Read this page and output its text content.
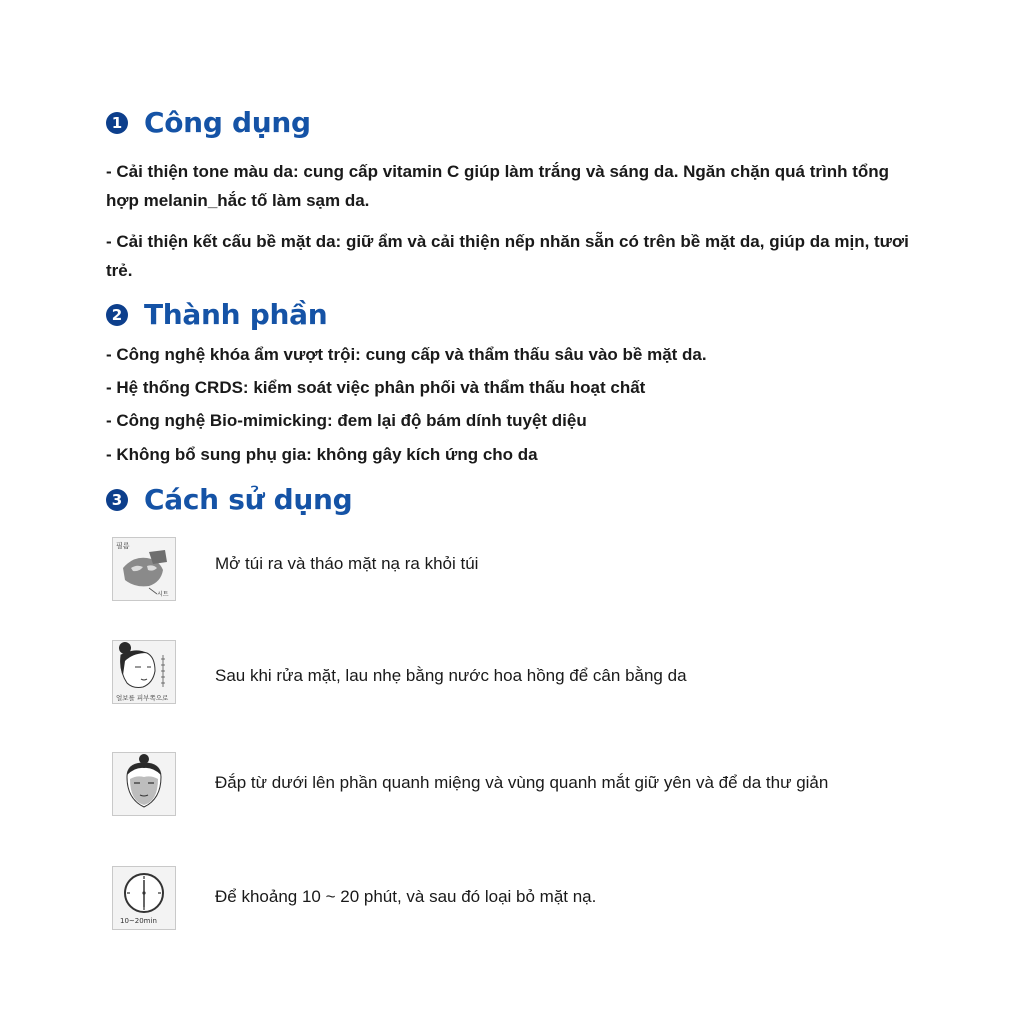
1 Công dụng
- Cải thiện tone màu da: cung cấp vitamin C giúp làm trắng và sáng da. Ngăn chặn quá trình tổng hợp melanin_hắc tố làm sạm da.
- Cải thiện kết cấu bề mặt da: giữ ẩm và cải thiện nếp nhăn sẵn có trên bề mặt da, giúp da mịn, tươi trẻ.
2 Thành phần
- Công nghệ khóa ẩm vượt trội: cung cấp và thẩm thấu sâu vào bề mặt da.
- Hệ thống CRDS: kiểm soát việc phân phối và thẩm thấu hoạt chất
- Công nghệ Bio-mimicking: đem lại độ bám dính tuyệt diệu
- Không bổ sung phụ gia: không gây kích ứng cho da
3 Cách sử dụng
필름
시트
Mở túi ra và tháo mặt nạ ra khỏi túi
얼보를 피부쪽으로
Sau khi rửa mặt, lau nhẹ bằng nước hoa hồng để cân bằng da
Đắp từ dưới lên phần quanh miệng và vùng quanh mắt giữ yên và để da thư giản
10~20min
Để khoảng 10 ~ 20 phút, và sau đó loại bỏ mặt nạ.
